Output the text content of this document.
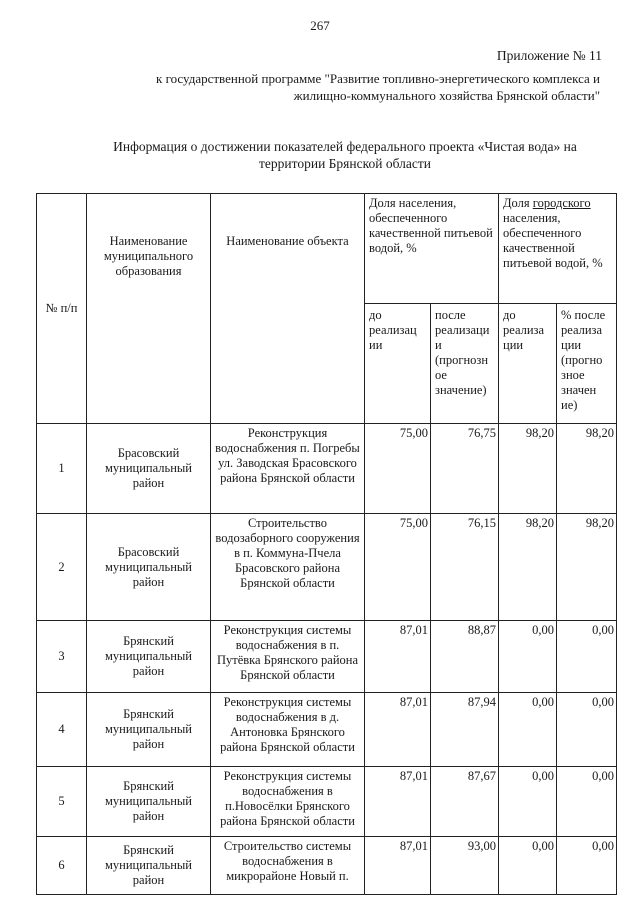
267
Приложение № 11
к государственной программе "Развитие топливно-энергетического комплекса и жилищно-коммунального хозяйства Брянской области"
Информация о достижении показателей федерального проекта «Чистая вода» на территории Брянской области
№ п/п	Наименование муниципального образования	Наименование объекта	Доля населения, обеспеченного качественной питьевой водой, %		Доля городского населения, обеспеченного качественной питьевой водой, %	
			до реализац ии	после реализаци и (прогнозн ое значение)	до реализа ции	% после реализа ции (прогно зное значен ие)
1	Брасовский муниципальный район	Реконструкция водоснабжения п. Погребы ул. Заводская Брасовского района Брянской области	75,00	76,75	98,20	98,20
2	Брасовский муниципальный район	Строительство водозаборного сооружения в п. Коммуна-Пчела Брасовского района Брянской области	75,00	76,15	98,20	98,20
3	Брянский муниципальный район	Реконструкция системы водоснабжения в п. Путёвка Брянского района Брянской области	87,01	88,87	0,00	0,00
4	Брянский муниципальный район	Реконструкция системы водоснабжения в д. Антоновка Брянского района Брянской области	87,01	87,94	0,00	0,00
5	Брянский муниципальный район	Реконструкция системы водоснабжения в п.Новосёлки Брянского района Брянской области	87,01	87,67	0,00	0,00
6	Брянский муниципальный район	Строительство системы водоснабжения в микрорайоне Новый п.	87,01	93,00	0,00	0,00
